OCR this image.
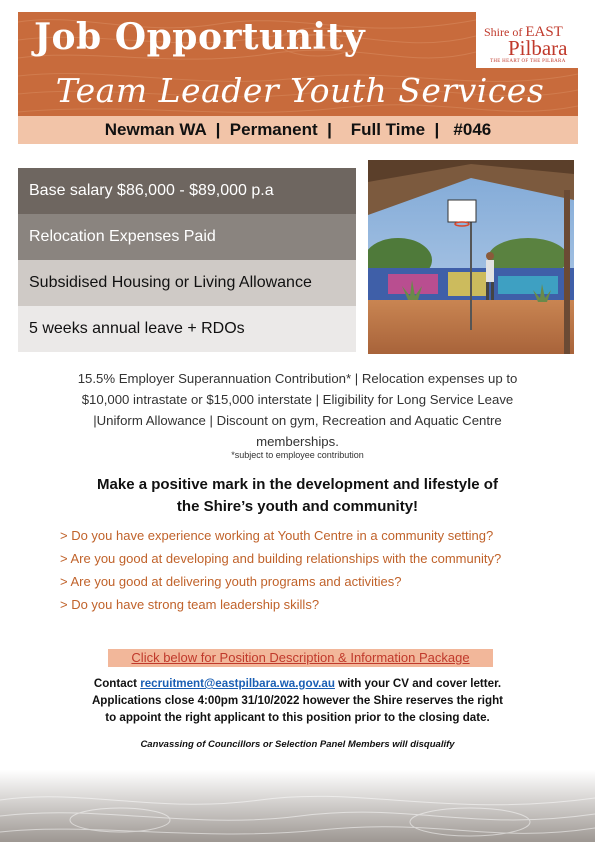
Job Opportunity	Shire of EAST
Pilbara
THE HEART OF THE PILBARA
Team Leader Youth Services
Newman WA  |  Permanent  |    Full Time  |   #046
Base salary $86,000 - $89,000 p.a
Relocation Expenses Paid
Subsidised Housing or Living Allowance
5 weeks annual leave + RDOs
15.5% Employer Superannuation Contribution* | Relocation expenses up to $10,000 intrastate or $15,000 interstate | Eligibility for Long Service Leave |Uniform Allowance | Discount on gym, Recreation and Aquatic Centre memberships.
*subject to employee contribution
Make a positive mark in the development and lifestyle of
the Shire’s youth and community!
> Do you have experience working at Youth Centre in a community setting?
> Are you good at developing and building relationships with the community?
> Are you good at delivering youth programs and activities?
> Do you have strong team leadership skills?
Click below for Position Description & Information Package
Contact recruitment@eastpilbara.wa.gov.au with your CV and cover letter.
Applications close 4:00pm 31/10/2022 however the Shire reserves the right
to appoint the right applicant to this position prior to the closing date.
Canvassing of Councillors or Selection Panel Members will disqualify
